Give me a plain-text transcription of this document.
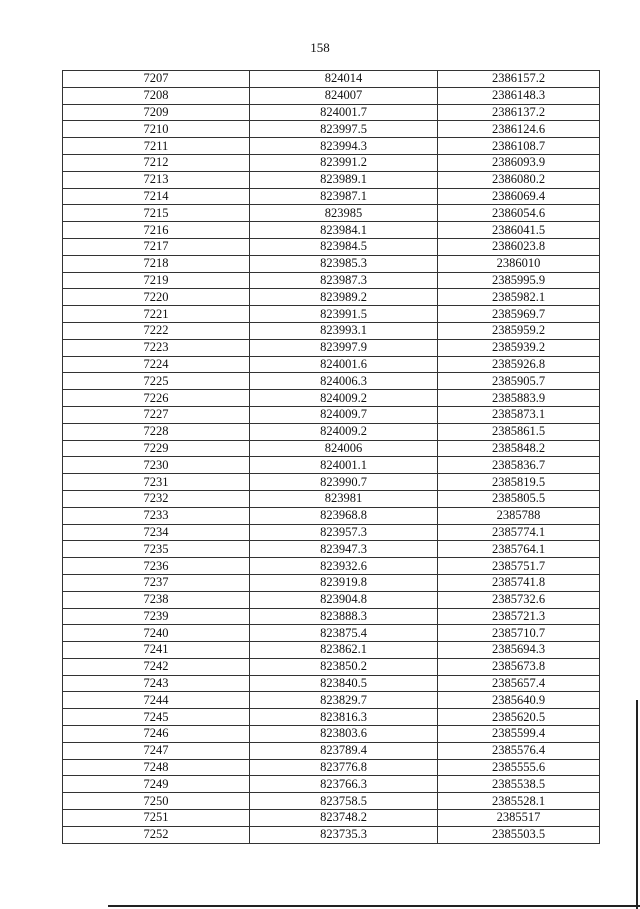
158
7207	824014	2386157.2
7208	824007	2386148.3
7209	824001.7	2386137.2
7210	823997.5	2386124.6
7211	823994.3	2386108.7
7212	823991.2	2386093.9
7213	823989.1	2386080.2
7214	823987.1	2386069.4
7215	823985	2386054.6
7216	823984.1	2386041.5
7217	823984.5	2386023.8
7218	823985.3	2386010
7219	823987.3	2385995.9
7220	823989.2	2385982.1
7221	823991.5	2385969.7
7222	823993.1	2385959.2
7223	823997.9	2385939.2
7224	824001.6	2385926.8
7225	824006.3	2385905.7
7226	824009.2	2385883.9
7227	824009.7	2385873.1
7228	824009.2	2385861.5
7229	824006	2385848.2
7230	824001.1	2385836.7
7231	823990.7	2385819.5
7232	823981	2385805.5
7233	823968.8	2385788
7234	823957.3	2385774.1
7235	823947.3	2385764.1
7236	823932.6	2385751.7
7237	823919.8	2385741.8
7238	823904.8	2385732.6
7239	823888.3	2385721.3
7240	823875.4	2385710.7
7241	823862.1	2385694.3
7242	823850.2	2385673.8
7243	823840.5	2385657.4
7244	823829.7	2385640.9
7245	823816.3	2385620.5
7246	823803.6	2385599.4
7247	823789.4	2385576.4
7248	823776.8	2385555.6
7249	823766.3	2385538.5
7250	823758.5	2385528.1
7251	823748.2	2385517
7252	823735.3	2385503.5
